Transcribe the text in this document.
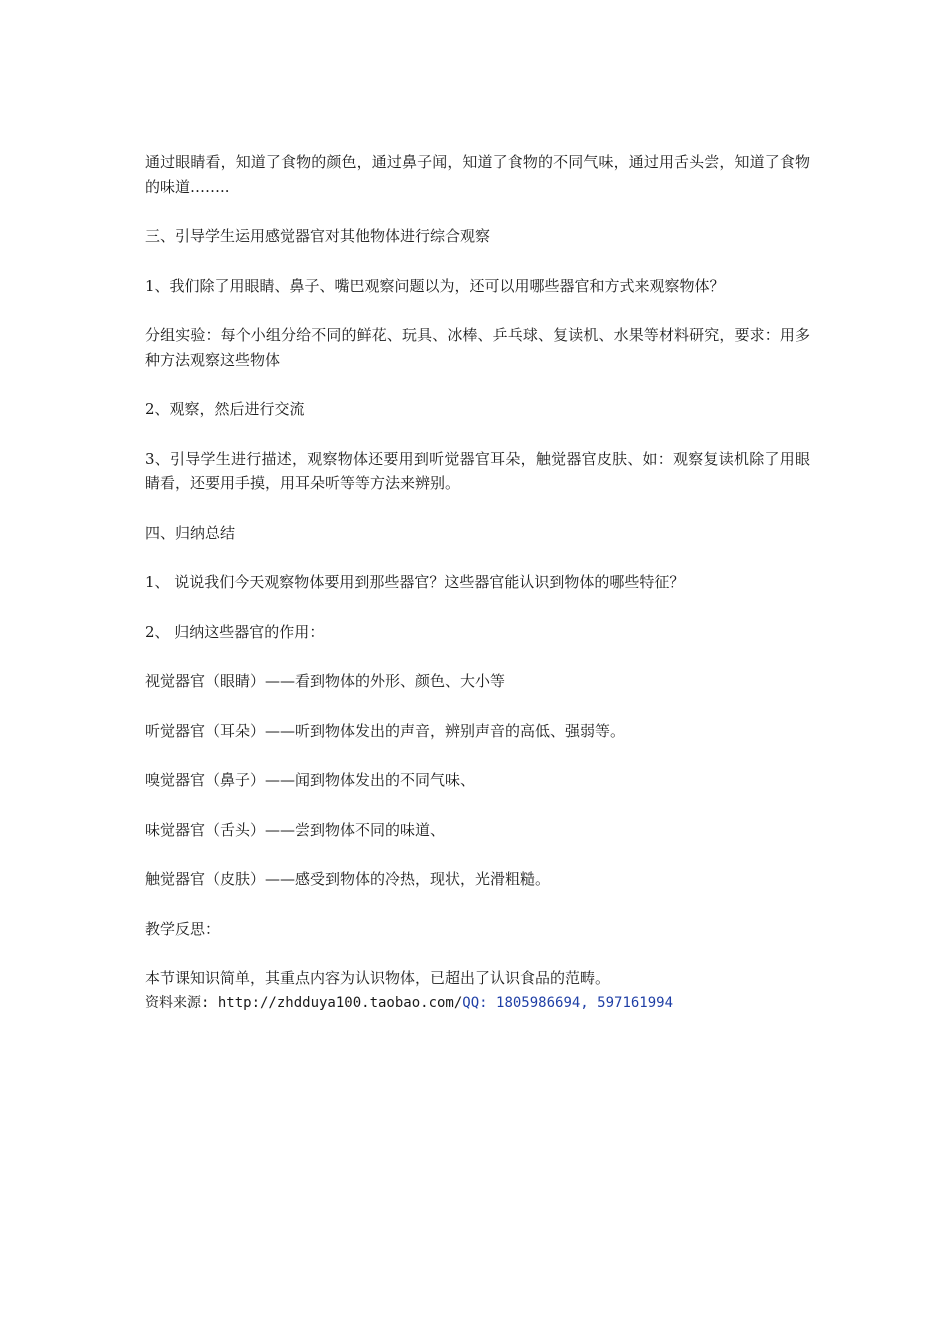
通过眼睛看，知道了食物的颜色，通过鼻子闻，知道了食物的不同气味，通过用舌头尝，知道了食物的味道……..

三、引导学生运用感觉器官对其他物体进行综合观察

1、我们除了用眼睛、鼻子、嘴巴观察问题以为，还可以用哪些器官和方式来观察物体？

分组实验：每个小组分给不同的鲜花、玩具、冰棒、乒乓球、复读机、水果等材料研究，要求：用多种方法观察这些物体

2、观察，然后进行交流

3、引导学生进行描述，观察物体还要用到听觉器官耳朵，触觉器官皮肤、如：观察复读机除了用眼睛看，还要用手摸，用耳朵听等等方法来辨别。

四、归纳总结

1、 说说我们今天观察物体要用到那些器官？这些器官能认识到物体的哪些特征？

2、 归纳这些器官的作用：

视觉器官（眼睛）——看到物体的外形、颜色、大小等

听觉器官（耳朵）——听到物体发出的声音，辨别声音的高低、强弱等。

嗅觉器官（鼻子）——闻到物体发出的不同气味、

味觉器官（舌头）——尝到物体不同的味道、

触觉器官（皮肤）——感受到物体的冷热，现状，光滑粗糙。

教学反思：

本节课知识简单，其重点内容为认识物体，已超出了认识食品的范畴。

资料来源: http://zhdduya100.taobao.com/QQ: 1805986694, 597161994
